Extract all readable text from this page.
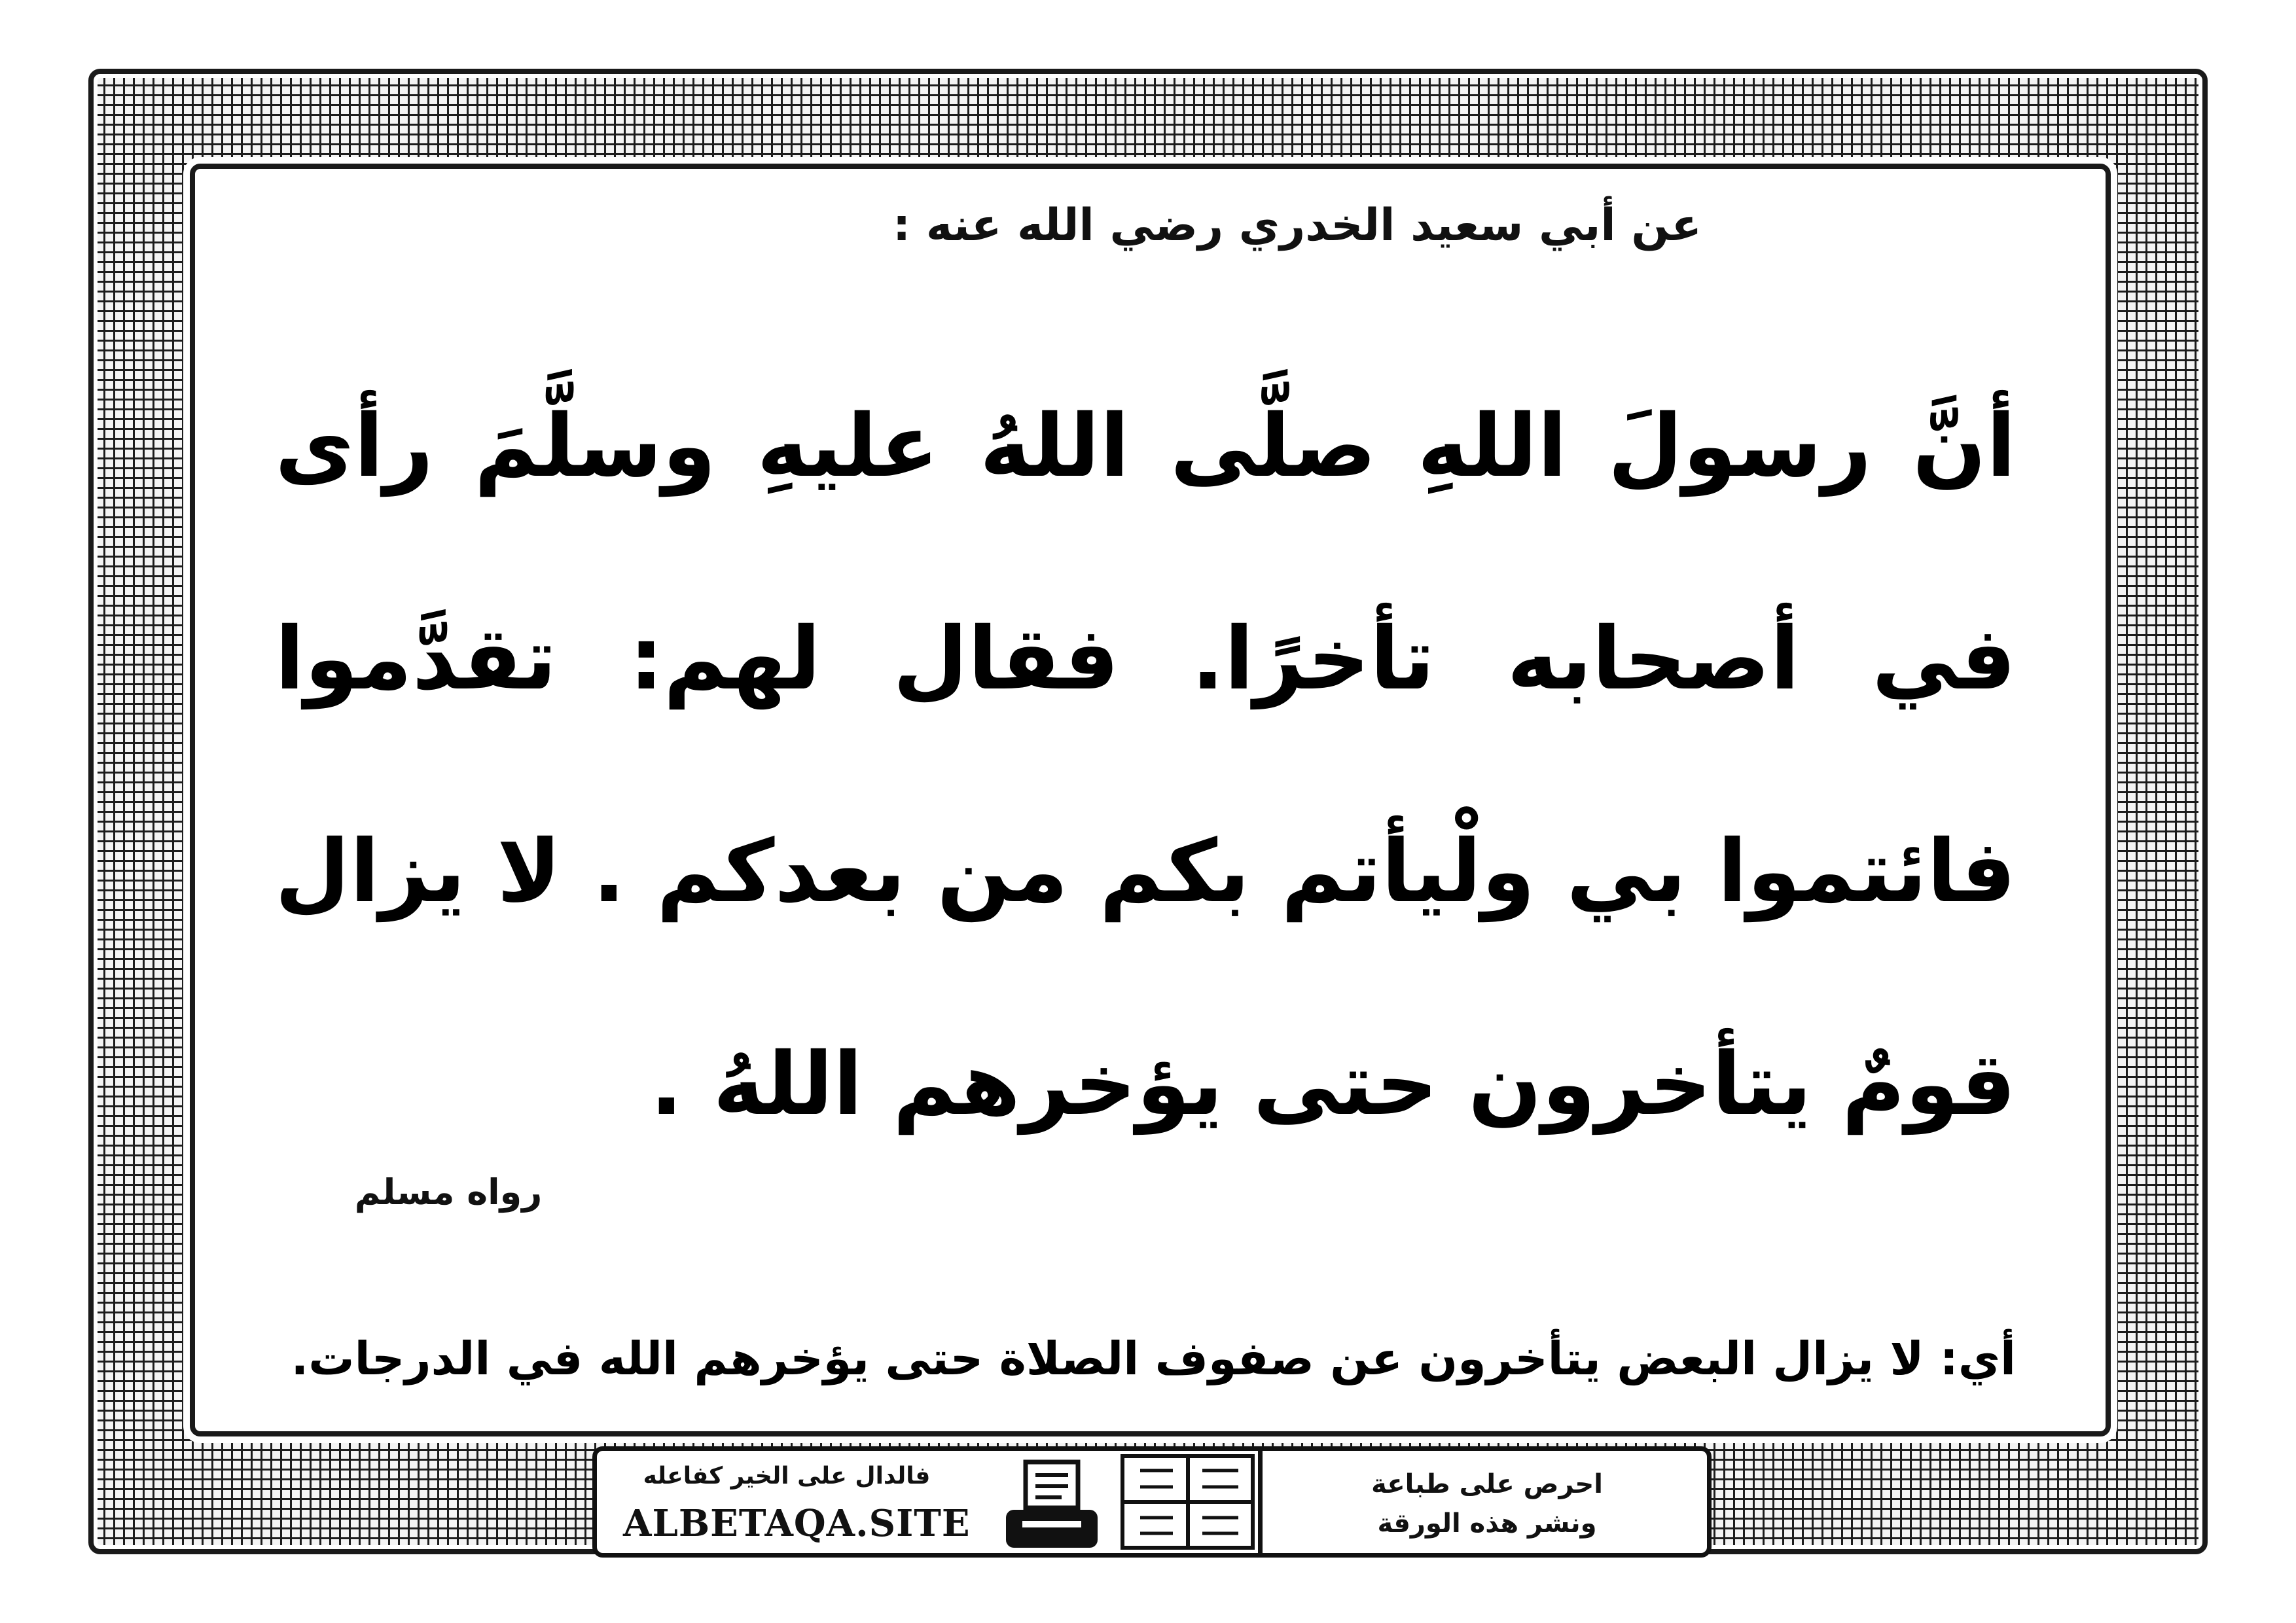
عن أبي سعيد الخدري رضي الله عنه :
أنَّ رسولَ اللهِ صلَّى اللهُ عليهِ وسلَّمَ رأى في أصحابه تأخرًا. فقال لهم: تقدَّموا فائتموا بي ولْيأتم بكم من بعدكم . لا يزال قومٌ يتأخرون حتى يؤخرهم اللهُ .
رواه مسلم
أي: لا يزال البعض يتأخرون عن صفوف الصلاة حتى يؤخرهم الله في الدرجات.
فالدال على الخير كفاعله
ALBETAQA.SITE
احرص على طباعة
ونشر هذه الورقة
